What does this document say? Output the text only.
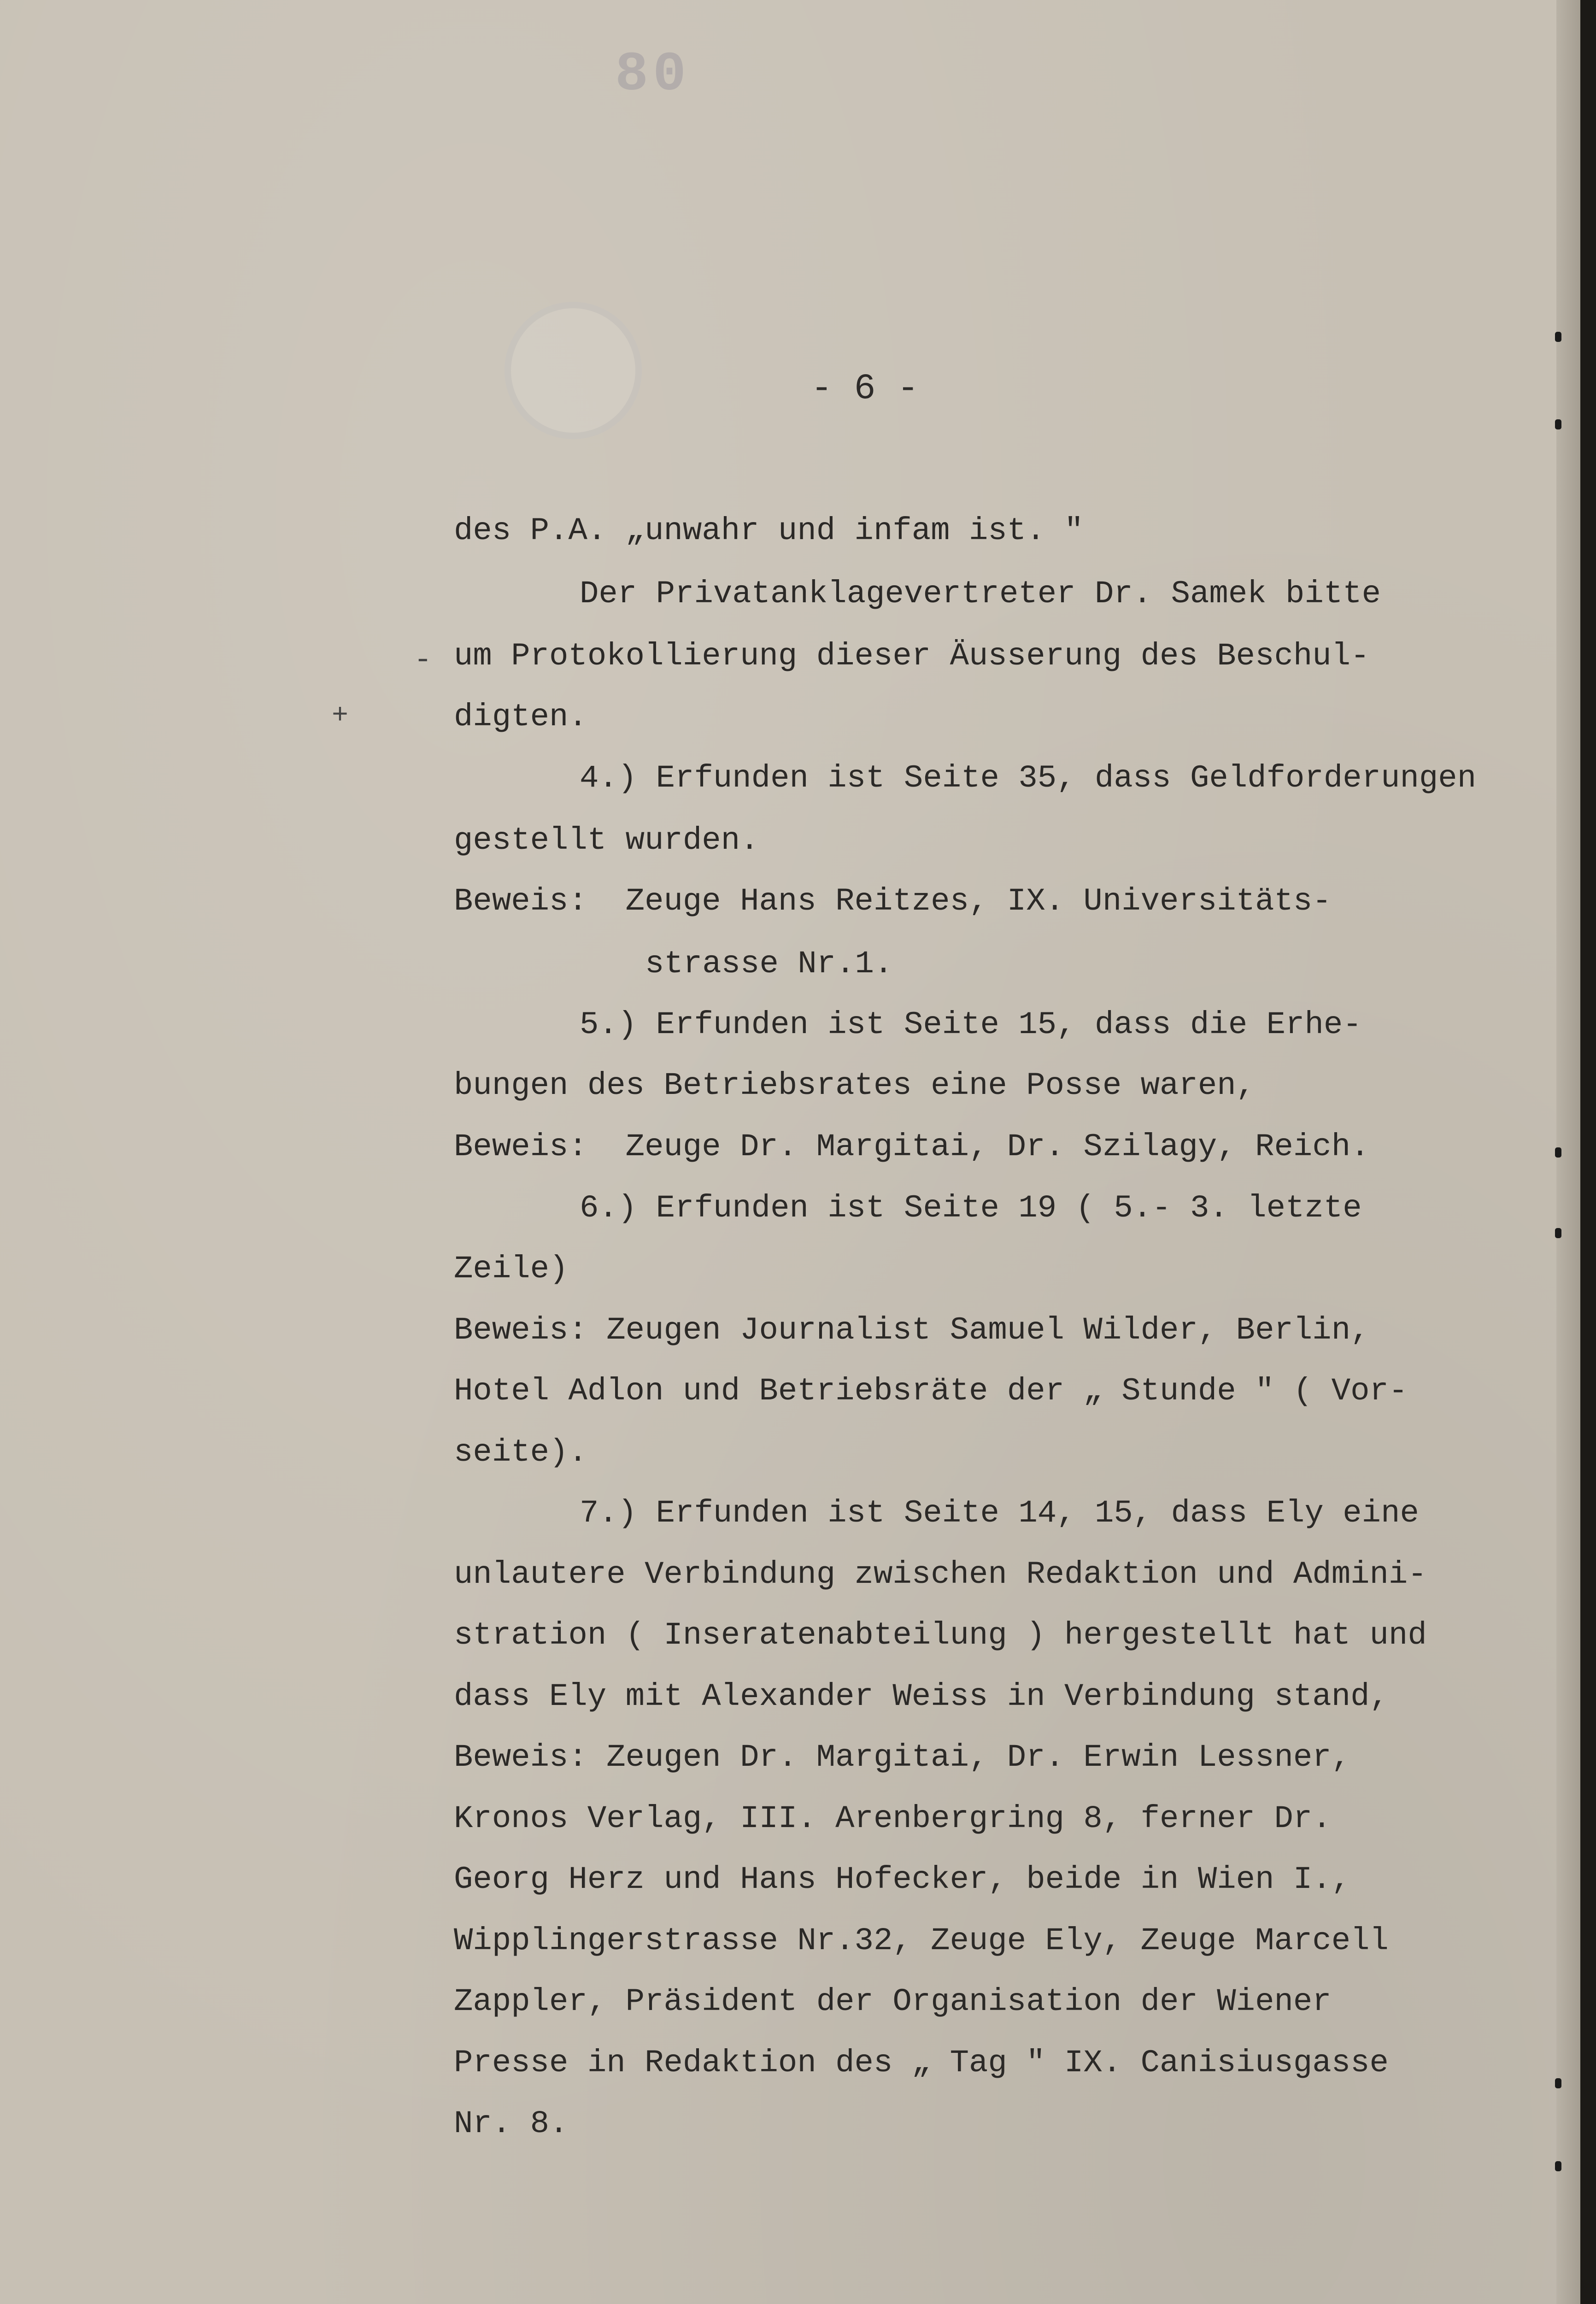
80
- 6 -
-
+
des P.A. „unwahr und infam ist. "
Der Privatanklagevertreter Dr. Samek bitte
um Protokollierung dieser Äusserung des Beschul-
digten.
4.) Erfunden ist Seite 35, dass Geldforderungen
gestellt wurden.
Beweis:  Zeuge Hans Reitzes, IX. Universitäts-
strasse Nr.1.
5.) Erfunden ist Seite 15, dass die Erhe-
bungen des Betriebsrates eine Posse waren,
Beweis:  Zeuge Dr. Margitai, Dr. Szilagy, Reich.
6.) Erfunden ist Seite 19 ( 5.- 3. letzte
Zeile)
Beweis: Zeugen Journalist Samuel Wilder, Berlin,
Hotel Adlon und Betriebsräte der „ Stunde " ( Vor-
seite).
7.) Erfunden ist Seite 14, 15, dass Ely eine
unlautere Verbindung zwischen Redaktion und Admini-
stration ( Inseratenabteilung ) hergestellt hat und
dass Ely mit Alexander Weiss in Verbindung stand,
Beweis: Zeugen Dr. Margitai, Dr. Erwin Lessner,
Kronos Verlag, III. Arenbergring 8, ferner Dr.
Georg Herz und Hans Hofecker, beide in Wien I.,
Wipplingerstrasse Nr.32, Zeuge Ely, Zeuge Marcell
Zappler, Präsident der Organisation der Wiener
Presse in Redaktion des „ Tag " IX. Canisiusgasse
Nr. 8.
